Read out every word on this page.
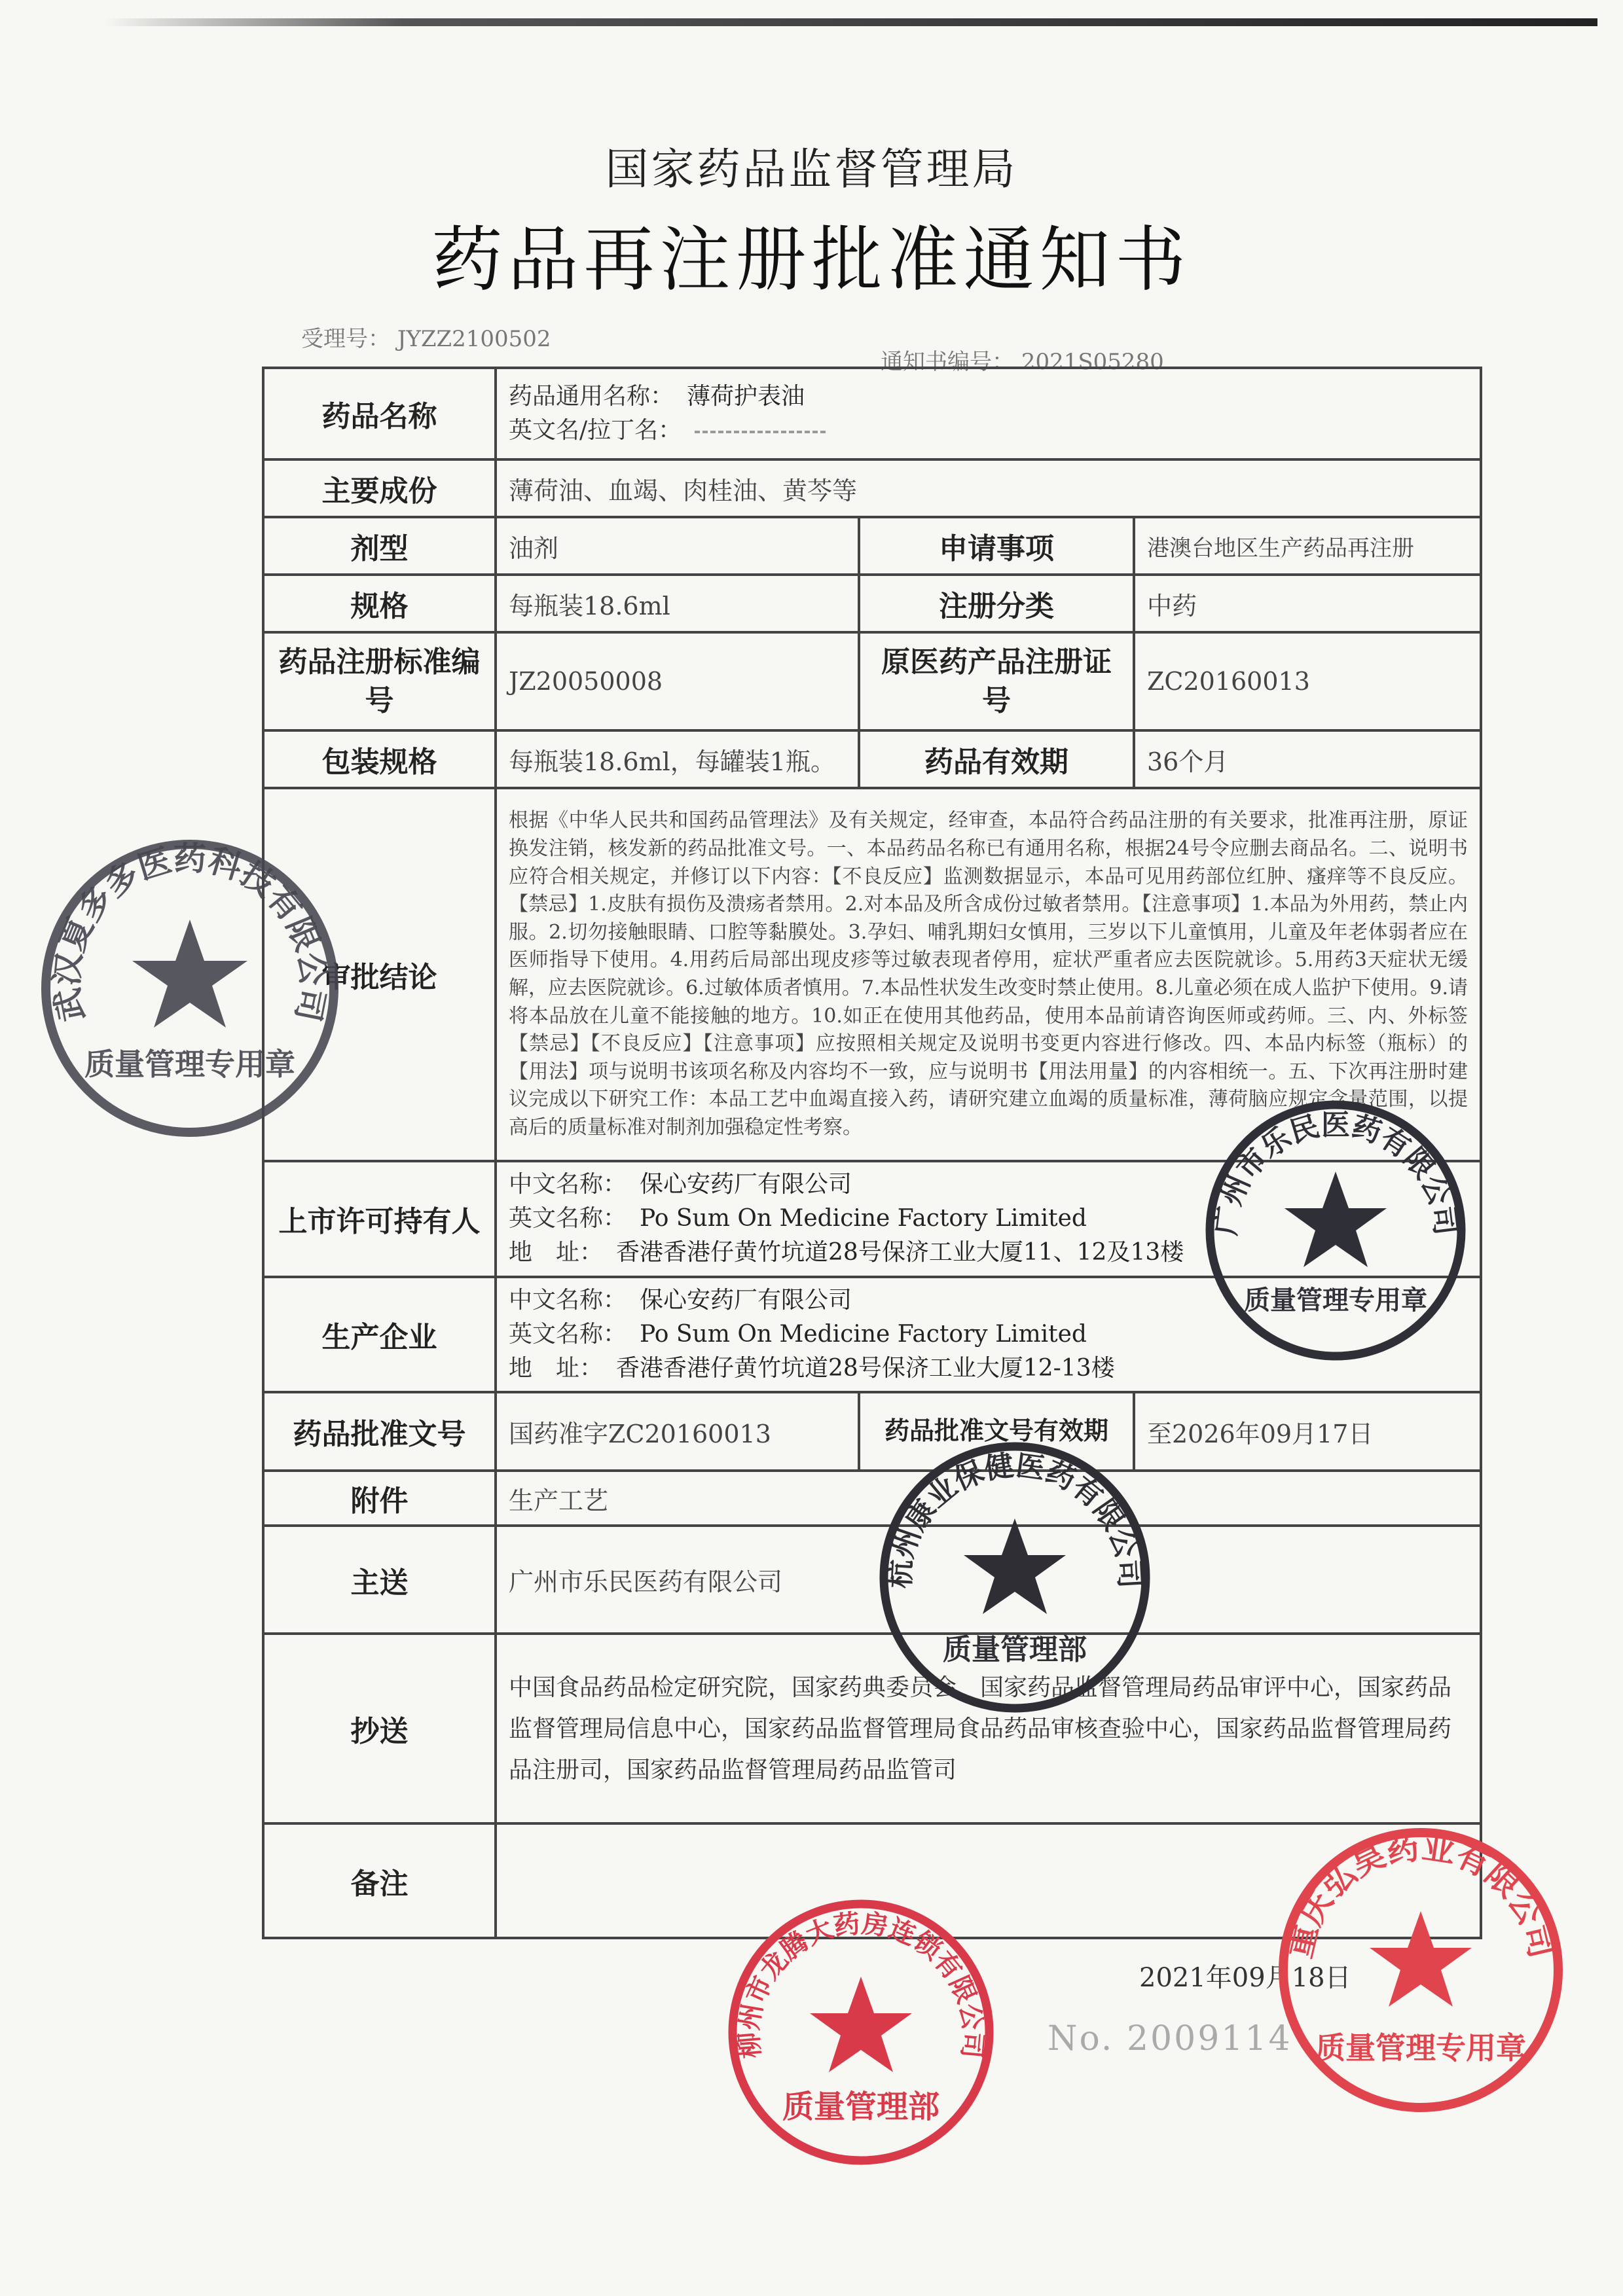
国家药品监督管理局
药品再注册批准通知书
受理号： JYZZ2100502
通知书编号： 2021S05280
药品名称	药品通用名称： 薄荷护表油
英文名/拉丁名：		

主要成份	薄荷油、血竭、肉桂油、黄芩等		
剂型	油剂	申请事项	港澳台地区生产药品再注册
规格	每瓶装18.6ml	注册分类	中药
药品注册标准编号	JZ20050008	原医药产品注册证号	ZC20160013
包装规格	每瓶装18.6ml，每罐装1瓶。	药品有效期	36个月
审批结论	根据《中华人民共和国药品管理法》及有关规定，经审查，本品符合药品注册的有关要求，批准再注册，原证换发注销，核发新的药品批准文号。一、本品药品名称已有通用名称，根据24号令应删去商品名。二、说明书应符合相关规定，并修订以下内容：【不良反应】监测数据显示，本品可见用药部位红肿、瘙痒等不良反应。【禁忌】1.皮肤有损伤及溃疡者禁用。2.对本品及所含成份过敏者禁用。【注意事项】1.本品为外用药，禁止内服。2.切勿接触眼睛、口腔等黏膜处。3.孕妇、哺乳期妇女慎用，三岁以下儿童慎用，儿童及年老体弱者应在医师指导下使用。4.用药后局部出现皮疹等过敏表现者停用，症状严重者应去医院就诊。5.用药3天症状无缓解，应去医院就诊。6.过敏体质者慎用。7.本品性状发生改变时禁止使用。8.儿童必须在成人监护下使用。9.请将本品放在儿童不能接触的地方。10.如正在使用其他药品，使用本品前请咨询医师或药师。三、内、外标签【禁忌】【不良反应】【注意事项】应按照相关规定及说明书变更内容进行修改。四、本品内标签（瓶标）的【用法】项与说明书该项名称及内容均不一致，应与说明书【用法用量】的内容相统一。五、下次再注册时建议完成以下研究工作：本品工艺中血竭直接入药，请研究建立血竭的质量标准，薄荷脑应规定含量范围，以提高后的质量标准对制剂加强稳定性考察。		
上市许可持有人	中文名称： 保心安药厂有限公司
英文名称： Po Sum On Medicine Factory Limited
地　址： 香港香港仔黄竹坑道28号保济工业大厦11、12及13楼		

生产企业	中文名称： 保心安药厂有限公司
英文名称： Po Sum On Medicine Factory Limited
地　址： 香港香港仔黄竹坑道28号保济工业大厦12-13楼		

药品批准文号	国药准字ZC20160013	药品批准文号有效期	至2026年09月17日
附件	生产工艺		
主送	广州市乐民医药有限公司		
抄送	中国食品药品检定研究院，国家药典委员会，国家药品监督管理局药品审评中心，国家药品监督管理局信息中心，国家药品监督管理局食品药品审核查验中心，国家药品监督管理局药品注册司，国家药品监督管理局药品监管司		
备注			
2021年09月18日
No. 2009114
武汉夏多多医药科技有限公司
质量管理专用章
广州市乐民医药有限公司
质量管理专用章
杭州康业保健医药有限公司
质量管理部
柳州市龙腾大药房连锁有限公司
质量管理部
重庆弘昊药业有限公司
质量管理专用章
